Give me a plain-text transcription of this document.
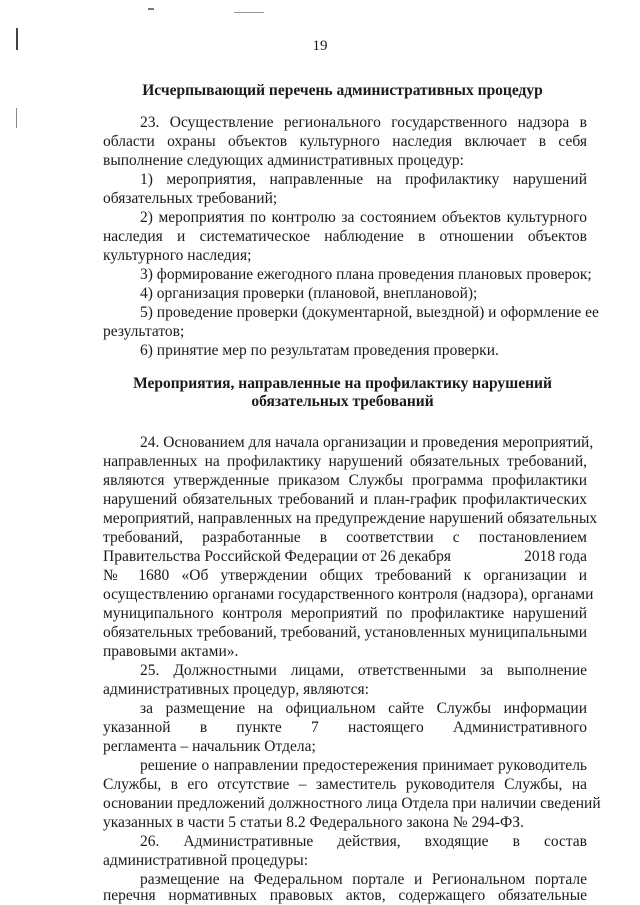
19
Исчерпывающий перечень административных процедур
23. Осуществление регионального государственного надзора в
области охраны объектов культурного наследия включает в себя
выполнение следующих административных процедур:
1) мероприятия, направленные на профилактику нарушений
обязательных требований;
2) мероприятия по контролю за состоянием объектов культурного
наследия и систематическое наблюдение в отношении объектов
культурного наследия;
3) формирование ежегодного плана проведения плановых проверок;
4) организация проверки (плановой, внеплановой);
5) проведение проверки (документарной, выездной) и оформление ее
результатов;
6) принятие мер по результатам проведения проверки.
Мероприятия, направленные на профилактику нарушений
обязательных требований
24. Основанием для начала организации и проведения мероприятий,
направленных на профилактику нарушений обязательных требований,
являются утвержденные приказом Службы программа профилактики
нарушений обязательных требований и план-график профилактических
мероприятий, направленных на предупреждение нарушений обязательных
требований, разработанные в соответствии с постановлением
Правительства Российской Федерации от 26 декабря	2018 года
№ 1680 «Об утверждении общих требований к организации и
осуществлению органами государственного контроля (надзора), органами
муниципального контроля мероприятий по профилактике нарушений
обязательных требований, требований, установленных муниципальными
правовыми актами».
25. Должностными лицами, ответственными за выполнение
административных процедур, являются:
за размещение на официальном сайте Службы информации
указанной в пункте 7 настоящего Административного
регламента – начальник Отдела;
решение о направлении предостережения принимает руководитель
Службы, в его отсутствие – заместитель руководителя Службы, на
основании предложений должностного лица Отдела при наличии сведений
указанных в части 5 статьи 8.2 Федерального закона № 294-ФЗ.
26. Административные действия, входящие в состав
административной процедуры:
размещение на Федеральном портале и Региональном портале
перечня нормативных правовых актов, содержащего обязательные
